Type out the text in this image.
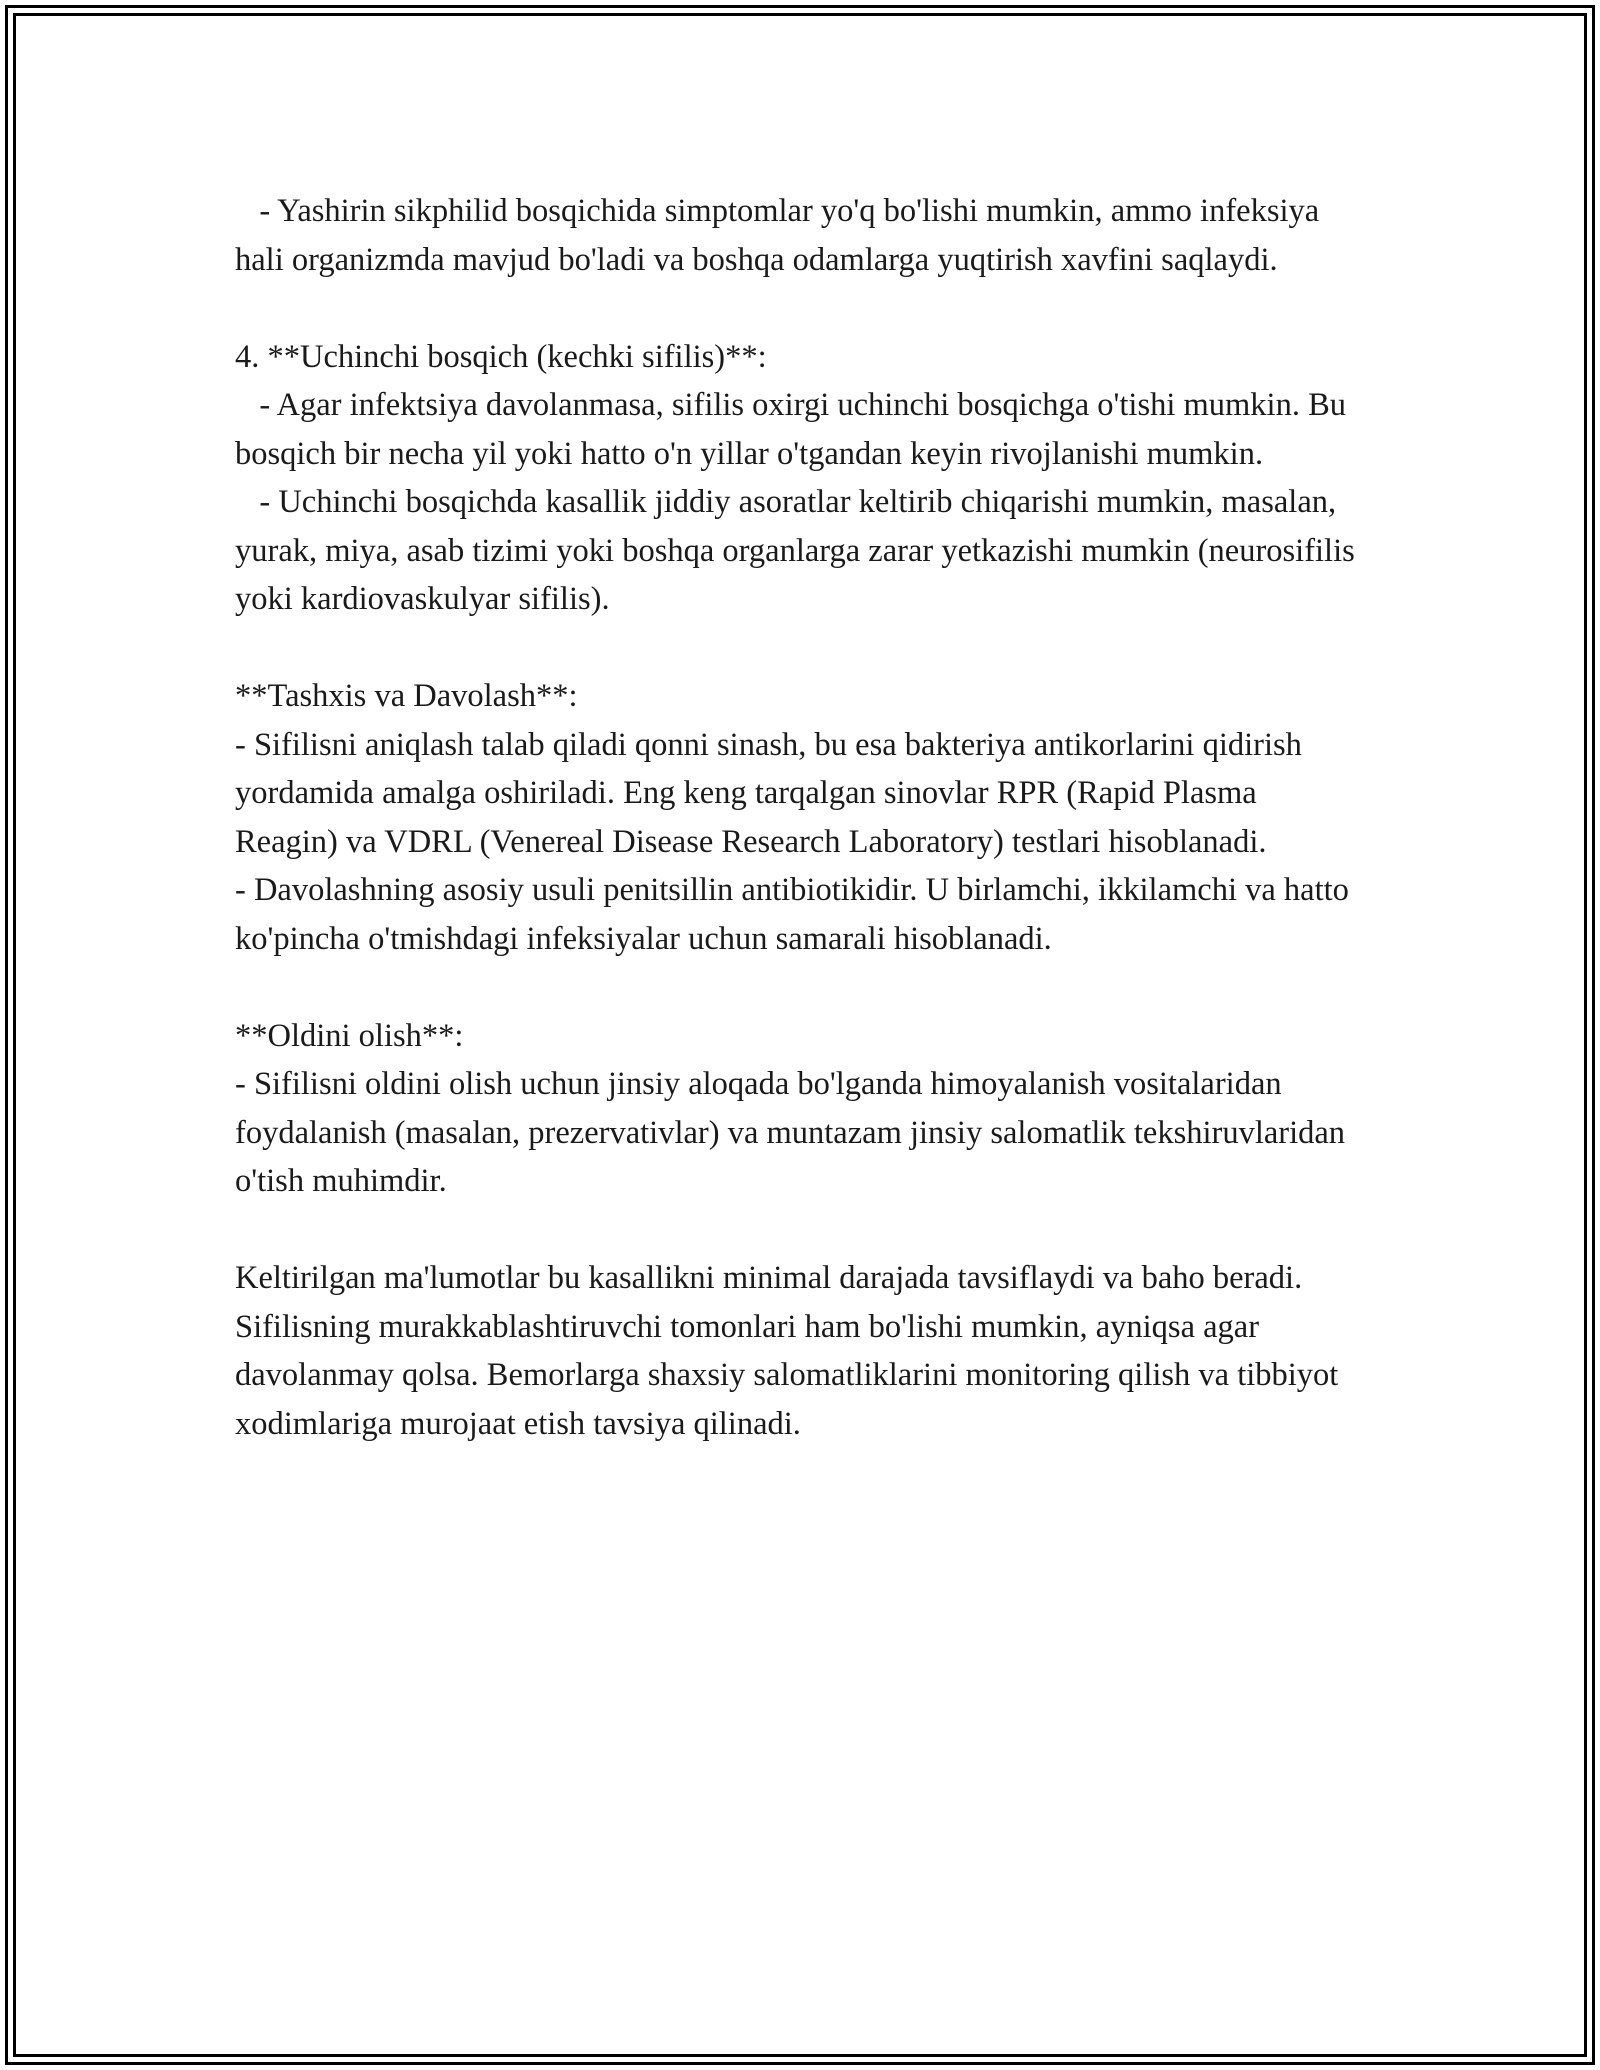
- Yashirin sikphilid bosqichida simptomlar yo'q bo'lishi mumkin, ammo infeksiya hali organizmda mavjud bo'ladi va boshqa odamlarga yuqtirish xavfini saqlaydi.

4. **Uchinchi bosqich (kechki sifilis)**:

- Agar infektsiya davolanmasa, sifilis oxirgi uchinchi bosqichga o'tishi mumkin. Bu bosqich bir necha yil yoki hatto o'n yillar o'tgandan keyin rivojlanishi mumkin.

- Uchinchi bosqichda kasallik jiddiy asoratlar keltirib chiqarishi mumkin, masalan, yurak, miya, asab tizimi yoki boshqa organlarga zarar yetkazishi mumkin (neurosifilis yoki kardiovaskulyar sifilis).

**Tashxis va Davolash**:

- Sifilisni aniqlash talab qiladi qonni sinash, bu esa bakteriya antikorlarini qidirish yordamida amalga oshiriladi. Eng keng tarqalgan sinovlar RPR (Rapid Plasma Reagin) va VDRL (Venereal Disease Research Laboratory) testlari hisoblanadi.

- Davolashning asosiy usuli penitsillin antibiotikidir. U birlamchi, ikkilamchi va hatto ko'pincha o'tmishdagi infeksiyalar uchun samarali hisoblanadi.

**Oldini olish**:

- Sifilisni oldini olish uchun jinsiy aloqada bo'lganda himoyalanish vositalaridan foydalanish (masalan, prezervativlar) va muntazam jinsiy salomatlik tekshiruvlaridan o'tish muhimdir.

Keltirilgan ma'lumotlar bu kasallikni minimal darajada tavsiflaydi va baho beradi. Sifilisning murakkablashtiruvchi tomonlari ham bo'lishi mumkin, ayniqsa agar davolanmay qolsa. Bemorlarga shaxsiy salomatliklarini monitoring qilish va tibbiyot xodimlariga murojaat etish tavsiya qilinadi.
